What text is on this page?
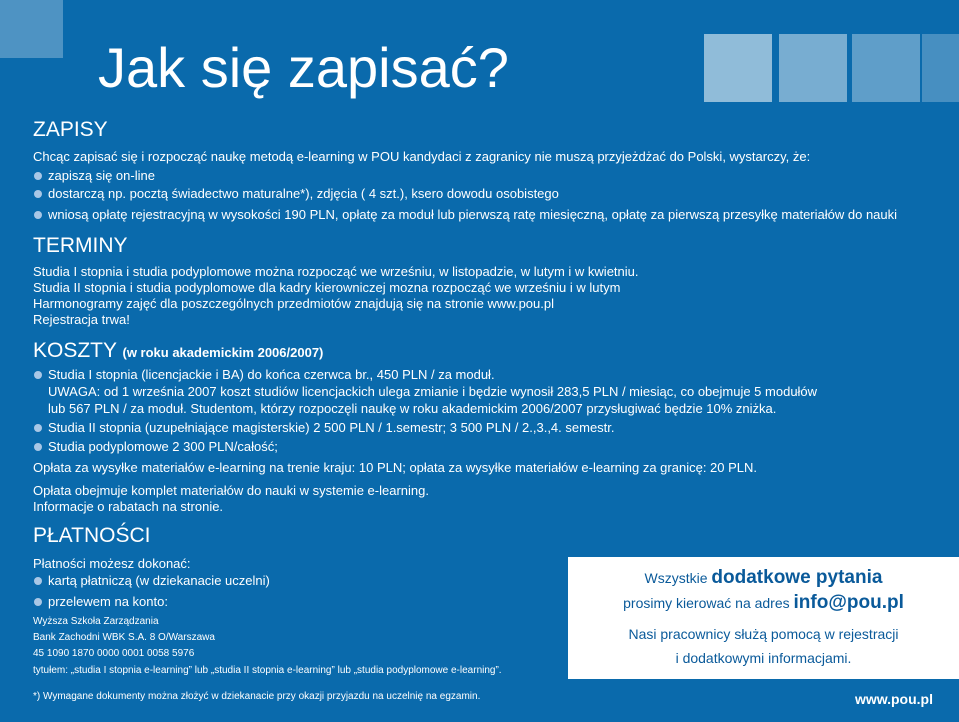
Jak się zapisać?
ZAPISY
Chcąc zapisać się i rozpocząć naukę metodą e-learning w POU kandydaci z zagranicy nie muszą przyjeżdżać do Polski, wystarczy, że:
zapiszą się on-line
dostarczą np. pocztą świadectwo maturalne*), zdjęcia ( 4 szt.), ksero dowodu osobistego
wniosą opłatę rejestracyjną w wysokości 190 PLN, opłatę za moduł lub pierwszą ratę miesięczną, opłatę za pierwszą przesyłkę materiałów do nauki
TERMINY
Studia I stopnia i studia podyplomowe można rozpocząć we wrześniu, w listopadzie, w lutym i w kwietniu.
Studia II stopnia i studia podyplomowe dla kadry kierowniczej mozna rozpocząć we wrześniu i w lutym
Harmonogramy zajęć dla poszczególnych przedmiotów znajdują się na stronie www.pou.pl
Rejestracja trwa!
KOSZTY (w roku akademickim 2006/2007)
Studia I stopnia (licencjackie i BA) do końca czerwca br., 450 PLN / za moduł.
UWAGA: od 1 września 2007 koszt studiów licencjackich ulega zmianie i będzie wynosił 283,5 PLN / miesiąc, co obejmuje 5 modułów
lub 567 PLN / za moduł. Studentom, którzy rozpoczęli naukę w roku akademickim 2006/2007 przysługiwać będzie 10% zniżka.
Studia II stopnia (uzupełniające magisterskie) 2 500 PLN / 1.semestr; 3 500 PLN / 2.,3.,4. semestr.
Studia podyplomowe 2 300 PLN/całość;
Opłata za wysyłke materiałów e-learning na trenie kraju: 10 PLN; opłata za wysyłke materiałów e-learning za granicę: 20 PLN.
Opłata obejmuje komplet materiałów do nauki w systemie e-learning.
Informacje o rabatach na stronie.
PŁATNOŚCI
Płatności możesz dokonać:
kartą płatniczą (w dziekanacie uczelni)
przelewem na konto:
Wyższa Szkoła Zarządzania
Bank Zachodni WBK S.A. 8 O/Warszawa
45 1090 1870 0000 0001 0058 5976
tytułem: „studia I stopnia e-learning” lub „studia II stopnia e-learning” lub „studia podyplomowe e-learning”.
Wszystkie dodatkowe pytania
prosimy kierować na adres info@pou.pl
Nasi pracownicy służą pomocą w rejestracji
i dodatkowymi informacjami.
*) Wymagane dokumenty można złożyć w dziekanacie przy okazji przyjazdu na uczelnię na egzamin.	www.pou.pl
